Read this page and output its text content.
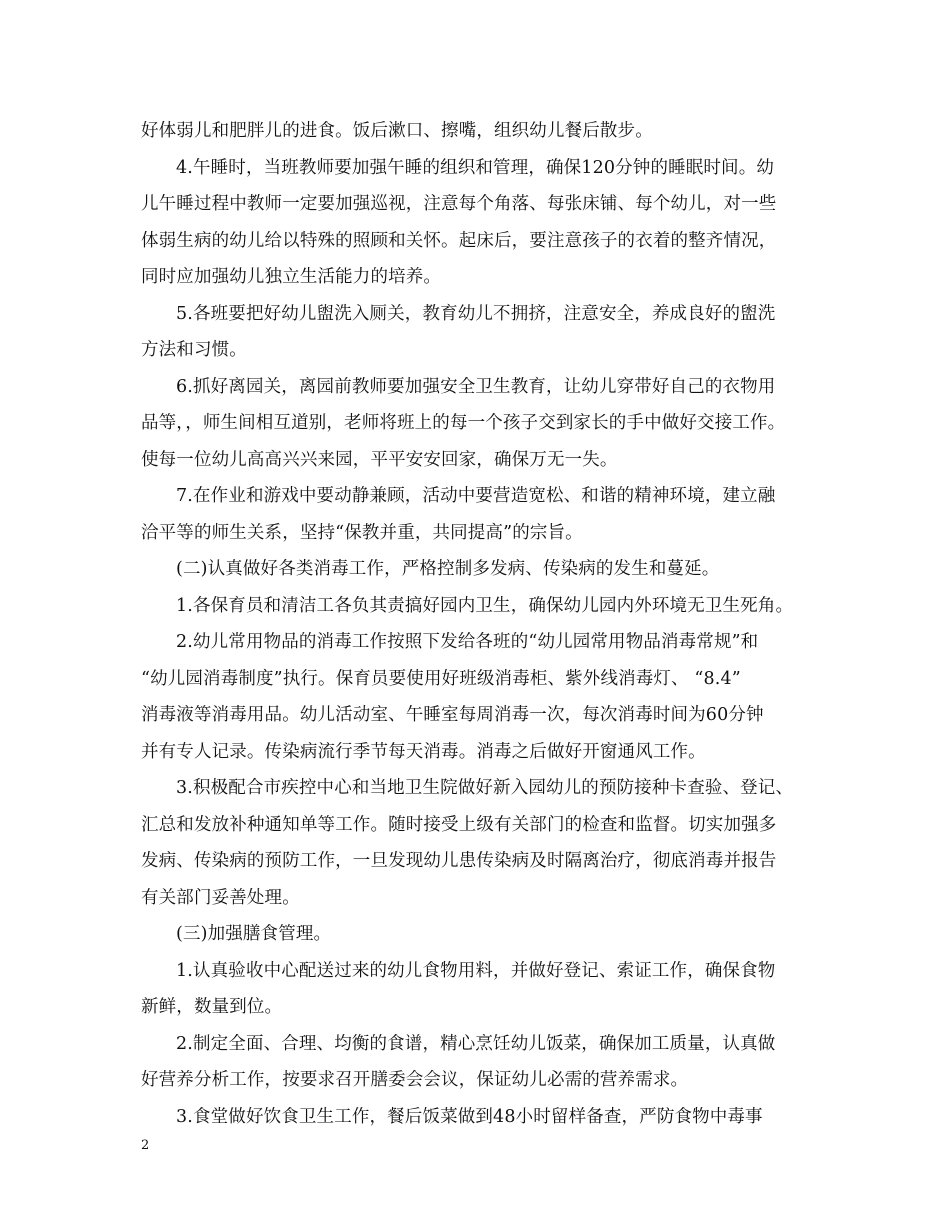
好体弱儿和肥胖儿的进食。饭后漱口、擦嘴，组织幼儿餐后散步。
4.午睡时，当班教师要加强午睡的组织和管理，确保120分钟的睡眠时间。幼
儿午睡过程中教师一定要加强巡视，注意每个角落、每张床铺、每个幼儿，对一些
体弱生病的幼儿给以特殊的照顾和关怀。起床后，要注意孩子的衣着的整齐情况，
同时应加强幼儿独立生活能力的培养。
5.各班要把好幼儿盥洗入厕关，教育幼儿不拥挤，注意安全，养成良好的盥洗
方法和习惯。
6.抓好离园关，离园前教师要加强安全卫生教育，让幼儿穿带好自己的衣物用
品等，，师生间相互道别，老师将班上的每一个孩子交到家长的手中做好交接工作。
使每一位幼儿高高兴兴来园，平平安安回家，确保万无一失。
7.在作业和游戏中要动静兼顾，活动中要营造宽松、和谐的精神环境，建立融
洽平等的师生关系，坚持“保教并重，共同提高”的宗旨。
(二)认真做好各类消毒工作，严格控制多发病、传染病的发生和蔓延。
1.各保育员和清洁工各负其责搞好园内卫生，确保幼儿园内外环境无卫生死角。
2.幼儿常用物品的消毒工作按照下发给各班的“幼儿园常用物品消毒常规”和
“幼儿园消毒制度”执行。保育员要使用好班级消毒柜、紫外线消毒灯、 “8.4”
消毒液等消毒用品。幼儿活动室、午睡室每周消毒一次，每次消毒时间为60分钟
并有专人记录。传染病流行季节每天消毒。消毒之后做好开窗通风工作。
3.积极配合市疾控中心和当地卫生院做好新入园幼儿的预防接种卡查验、登记、
汇总和发放补种通知单等工作。随时接受上级有关部门的检查和监督。切实加强多
发病、传染病的预防工作，一旦发现幼儿患传染病及时隔离治疗，彻底消毒并报告
有关部门妥善处理。
(三)加强膳食管理。
1.认真验收中心配送过来的幼儿食物用料，并做好登记、索证工作，确保食物
新鲜，数量到位。
2.制定全面、合理、均衡的食谱，精心烹饪幼儿饭菜，确保加工质量，认真做
好营养分析工作，按要求召开膳委会会议，保证幼儿必需的营养需求。
3.食堂做好饮食卫生工作，餐后饭菜做到48小时留样备查，严防食物中毒事
2
